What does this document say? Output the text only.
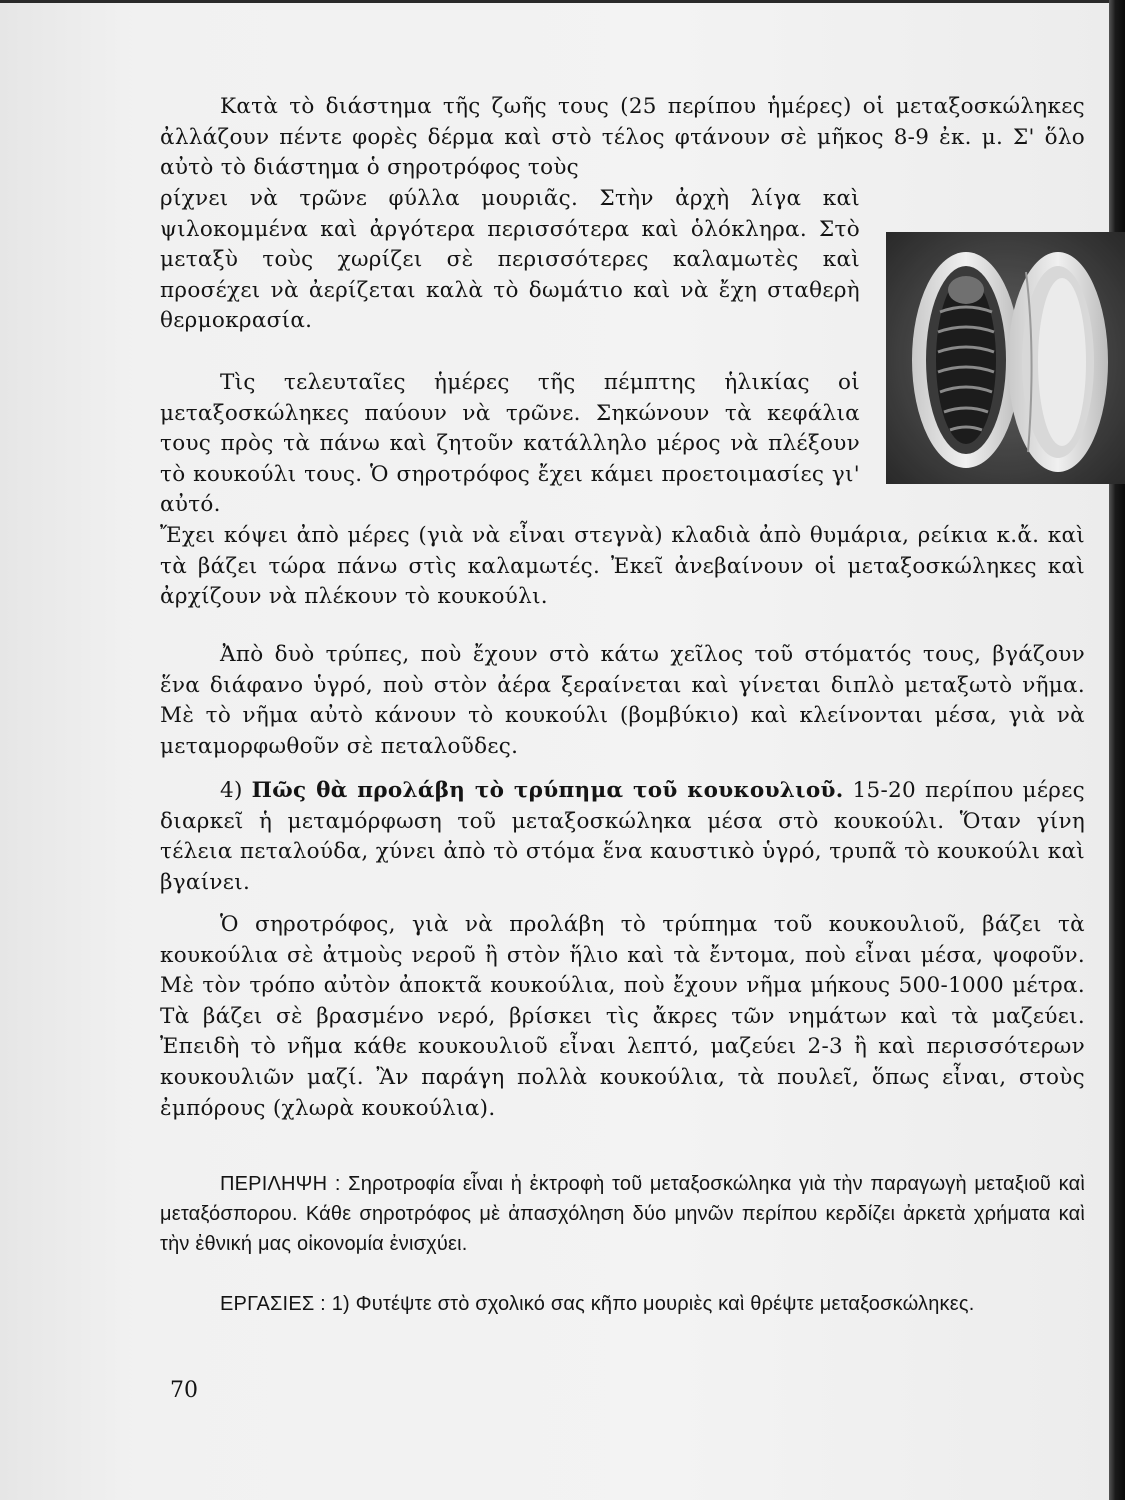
Κατὰ τὸ διάστημα τῆς ζωῆς τους (25 περίπου ἡμέρες) οἱ μεταξοσκώληκες ἀλλάζουν πέντε φορὲς δέρμα καὶ στὸ τέλος φτάνουν σὲ μῆκος 8-9 ἐκ. μ. Σ' ὅλο αὐτὸ τὸ διάστημα ὁ σηροτρόφος τοὺς
ρίχνει νὰ τρῶνε φύλλα μουριᾶς. Στὴν ἀρχὴ λίγα καὶ ψιλοκομμένα καὶ ἀργότερα περισσότερα καὶ ὁλόκληρα. Στὸ μεταξὺ τοὺς χωρίζει σὲ περισσότερες καλαμωτὲς καὶ προσέχει νὰ ἀερίζεται καλὰ τὸ δωμάτιο καὶ νὰ ἔχη σταθερὴ θερμοκρασία.
Τὶς τελευταῖες ἡμέρες τῆς πέμπτης ἡλικίας οἱ μεταξοσκώληκες παύουν νὰ τρῶνε. Σηκώνουν τὰ κεφάλια τους πρὸς τὰ πάνω καὶ ζητοῦν κατάλληλο μέρος νὰ πλέξουν τὸ κουκούλι τους. Ὁ σηροτρόφος ἔχει κάμει προετοιμασίες γι' αὐτό.
Ἔχει κόψει ἀπὸ μέρες (γιὰ νὰ εἶναι στεγνὰ) κλαδιὰ ἀπὸ θυμάρια, ρείκια κ.ἄ. καὶ τὰ βάζει τώρα πάνω στὶς καλαμωτές. Ἐκεῖ ἀνεβαίνουν οἱ μεταξοσκώληκες καὶ ἀρχίζουν νὰ πλέκουν τὸ κουκούλι.
Ἀπὸ δυὸ τρύπες, ποὺ ἔχουν στὸ κάτω χεῖλος τοῦ στόματός τους, βγάζουν ἕνα διάφανο ὑγρό, ποὺ στὸν ἀέρα ξεραίνεται καὶ γίνεται διπλὸ μεταξωτὸ νῆμα. Μὲ τὸ νῆμα αὐτὸ κάνουν τὸ κουκούλι (βομβύκιο) καὶ κλείνονται μέσα, γιὰ νὰ μεταμορφωθοῦν σὲ πεταλοῦδες.
4) Πῶς θὰ προλάβη τὸ τρύπημα τοῦ κουκουλιοῦ. 15-20 περίπου μέρες διαρκεῖ ἡ μεταμόρφωση τοῦ μεταξοσκώληκα μέσα στὸ κουκούλι. Ὅταν γίνη τέλεια πεταλούδα, χύνει ἀπὸ τὸ στόμα ἕνα καυστικὸ ὑγρό, τρυπᾶ τὸ κουκούλι καὶ βγαίνει.
Ὁ σηροτρόφος, γιὰ νὰ προλάβη τὸ τρύπημα τοῦ κουκουλιοῦ, βάζει τὰ κουκούλια σὲ ἀτμοὺς νεροῦ ἢ στὸν ἥλιο καὶ τὰ ἔντομα, ποὺ εἶναι μέσα, ψοφοῦν. Μὲ τὸν τρόπο αὐτὸν ἀποκτᾶ κουκούλια, ποὺ ἔχουν νῆμα μήκους 500-1000 μέτρα. Τὰ βάζει σὲ βρασμένο νερό, βρίσκει τὶς ἄκρες τῶν νημάτων καὶ τὰ μαζεύει. Ἐπειδὴ τὸ νῆμα κάθε κουκουλιοῦ εἶναι λεπτό, μαζεύει 2-3 ἢ καὶ περισσότερων κουκουλιῶν μαζί. Ἂν παράγη πολλὰ κουκούλια, τὰ πουλεῖ, ὅπως εἶναι, στοὺς ἐμπόρους (χλωρὰ κουκούλια).
ΠΕΡΙΛΗΨΗ : Σηροτροφία εἶναι ἡ ἐκτροφὴ τοῦ μεταξοσκώληκα γιὰ τὴν παραγωγὴ μεταξιοῦ καὶ μεταξόσπορου. Κάθε σηροτρόφος μὲ ἀπασχόληση δύο μηνῶν περίπου κερδίζει ἀρκετὰ χρήματα καὶ τὴν ἐθνική μας οἰκονομία ἐνισχύει.
ΕΡΓΑΣΙΕΣ : 1) Φυτέψτε στὸ σχολικό σας κῆπο μουριὲς καὶ θρέψτε μεταξοσκώληκες.
70
